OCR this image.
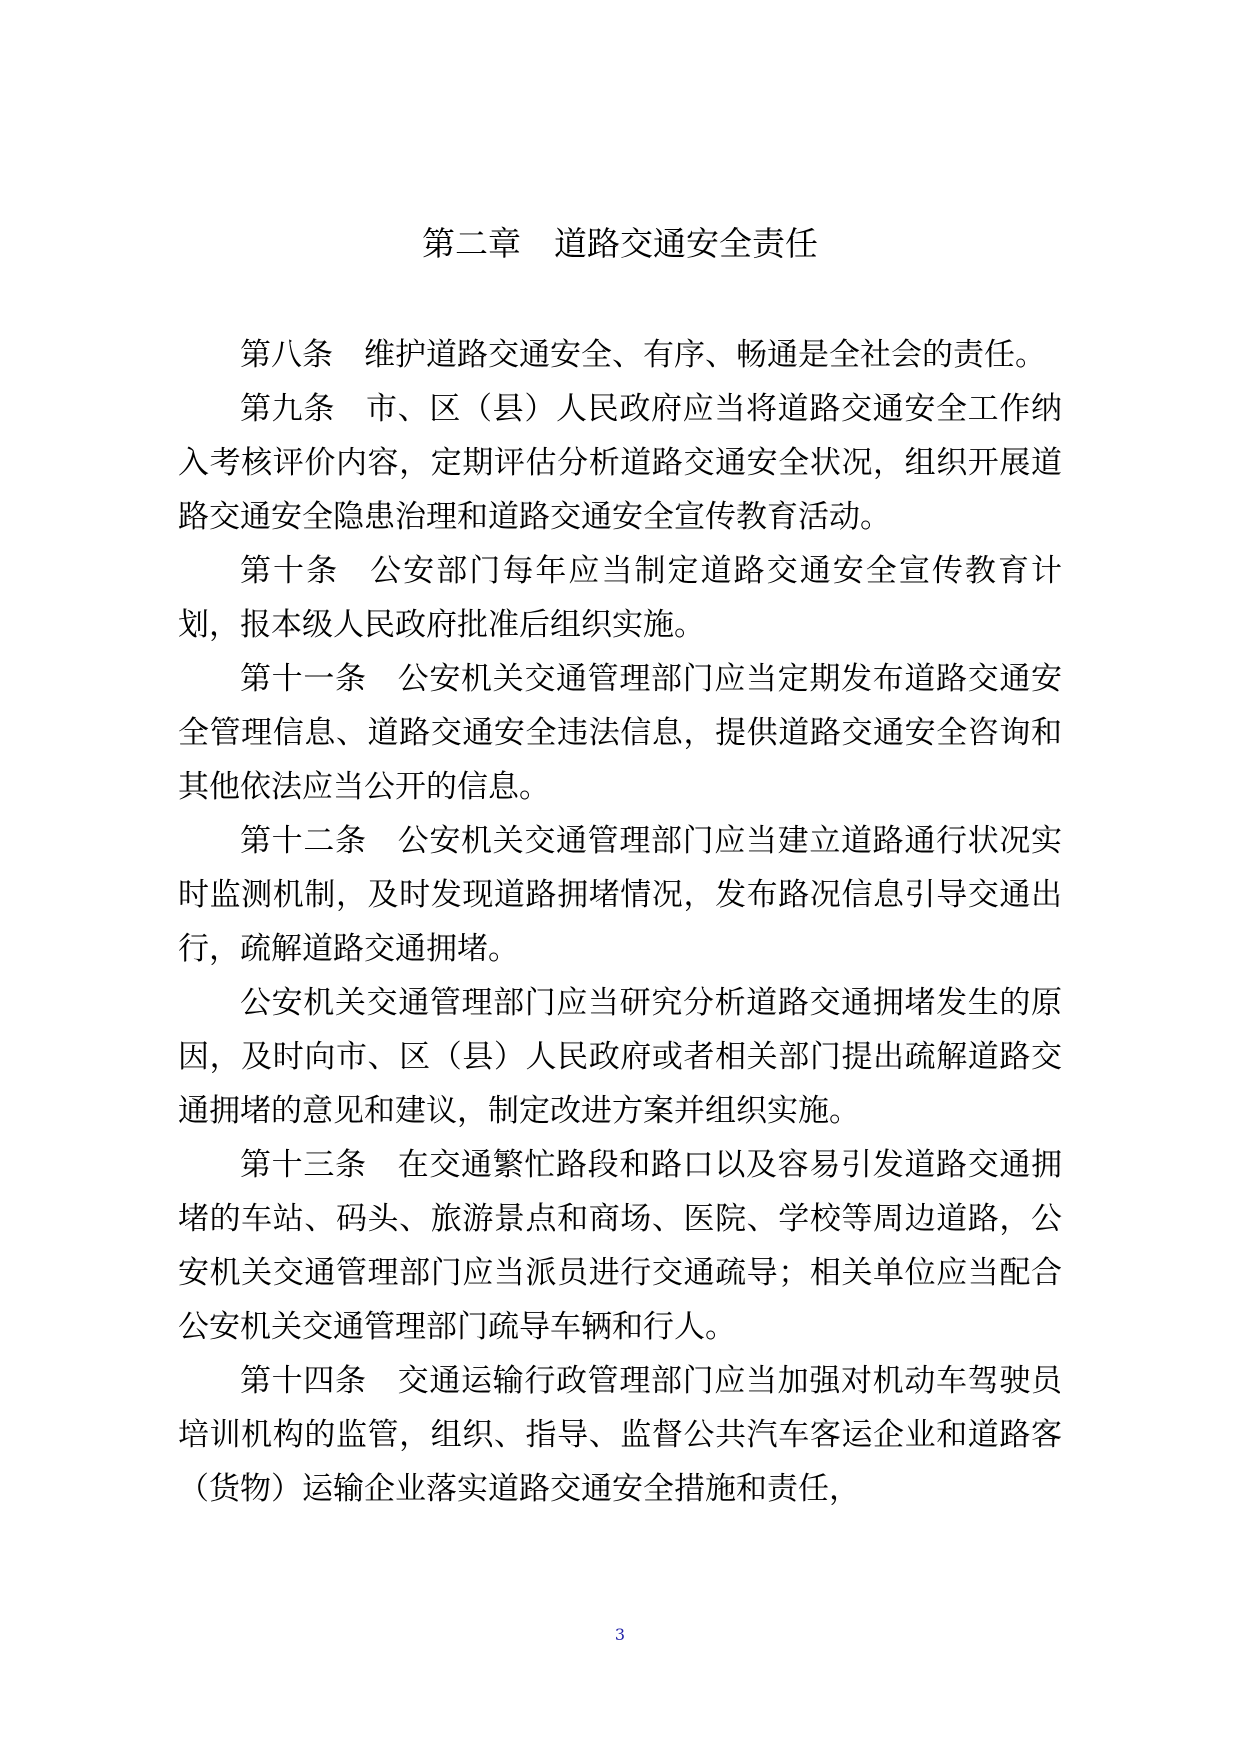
第二章　道路交通安全责任

第八条 维护道路交通安全、有序、畅通是全社会的责任。

第九条 市、区（县）人民政府应当将道路交通安全工作纳入考核评价内容，定期评估分析道路交通安全状况，组织开展道路交通安全隐患治理和道路交通安全宣传教育活动。

第十条 公安部门每年应当制定道路交通安全宣传教育计划，报本级人民政府批准后组织实施。

第十一条 公安机关交通管理部门应当定期发布道路交通安全管理信息、道路交通安全违法信息，提供道路交通安全咨询和其他依法应当公开的信息。

第十二条 公安机关交通管理部门应当建立道路通行状况实时监测机制，及时发现道路拥堵情况，发布路况信息引导交通出行，疏解道路交通拥堵。

公安机关交通管理部门应当研究分析道路交通拥堵发生的原因，及时向市、区（县）人民政府或者相关部门提出疏解道路交通拥堵的意见和建议，制定改进方案并组织实施。

第十三条 在交通繁忙路段和路口以及容易引发道路交通拥堵的车站、码头、旅游景点和商场、医院、学校等周边道路，公安机关交通管理部门应当派员进行交通疏导；相关单位应当配合公安机关交通管理部门疏导车辆和行人。

第十四条 交通运输行政管理部门应当加强对机动车驾驶员培训机构的监管，组织、指导、监督公共汽车客运企业和道路客（货物）运输企业落实道路交通安全措施和责任，

3
